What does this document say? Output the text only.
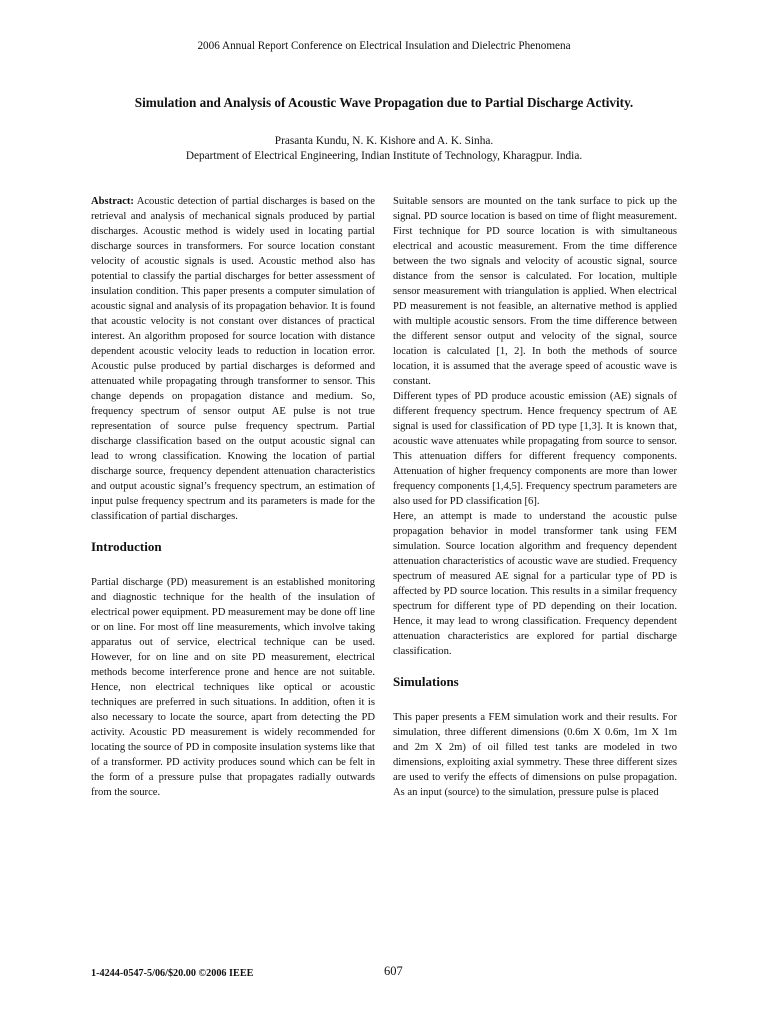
2006 Annual Report Conference on Electrical Insulation and Dielectric Phenomena
Simulation and Analysis of Acoustic Wave Propagation due to Partial Discharge Activity.
Prasanta Kundu, N. K. Kishore and A. K. Sinha.
Department of Electrical Engineering, Indian Institute of Technology, Kharagpur. India.

Abstract: Acoustic detection of partial discharges is based on the retrieval and analysis of mechanical signals produced by partial discharges. Acoustic method is widely used in locating partial discharge sources in transformers. For source location constant velocity of acoustic signals is used. Acoustic method also has potential to classify the partial discharges for better assessment of insulation condition. This paper presents a computer simulation of acoustic signal and analysis of its propagation behavior. It is found that acoustic velocity is not constant over distances of practical interest. An algorithm proposed for source location with distance dependent acoustic velocity leads to reduction in location error. Acoustic pulse produced by partial discharges is deformed and attenuated while propagating through transformer to sensor. This change depends on propagation distance and medium. So, frequency spectrum of sensor output AE pulse is not true representation of source pulse frequency spectrum. Partial discharge classification based on the output acoustic signal can lead to wrong classification. Knowing the location of partial discharge source, frequency dependent attenuation characteristics and output acoustic signal’s frequency spectrum, an estimation of input pulse frequency spectrum and its parameters is made for the classification of partial discharges.

Introduction

Partial discharge (PD) measurement is an established monitoring and diagnostic technique for the health of the insulation of electrical power equipment. PD measurement may be done off line or on line. For most off line measurements, which involve taking apparatus out of service, electrical technique can be used. However, for on line and on site PD measurement, electrical methods become interference prone and hence are not suitable. Hence, non electrical techniques like optical or acoustic techniques are preferred in such situations. In addition, often it is also necessary to locate the source, apart from detecting the PD activity. Acoustic PD measurement is widely recommended for locating the source of PD in composite insulation systems like that of a transformer. PD activity produces sound which can be felt in the form of a pressure pulse that propagates radially outwards from the source.

Suitable sensors are mounted on the tank surface to pick up the signal. PD source location is based on time of flight measurement. First technique for PD source location is with simultaneous electrical and acoustic measurement. From the time difference between the two signals and velocity of acoustic signal, source distance from the sensor is calculated. For location, multiple sensor measurement with triangulation is applied. When electrical PD measurement is not feasible, an alternative method is applied with multiple acoustic sensors. From the time difference between the different sensor output and velocity of the signal, source location is calculated [1, 2]. In both the methods of source location, it is assumed that the average speed of acoustic wave is constant.

Different types of PD produce acoustic emission (AE) signals of different frequency spectrum. Hence frequency spectrum of AE signal is used for classification of PD type [1,3]. It is known that, acoustic wave attenuates while propagating from source to sensor. This attenuation differs for different frequency components. Attenuation of higher frequency components are more than lower frequency components [1,4,5]. Frequency spectrum parameters are also used for PD classification [6].

Here, an attempt is made to understand the acoustic pulse propagation behavior in model transformer tank using FEM simulation. Source location algorithm and frequency dependent attenuation characteristics of acoustic wave are studied. Frequency spectrum of measured AE signal for a particular type of PD is affected by PD source location. This results in a similar frequency spectrum for different type of PD depending on their location. Hence, it may lead to wrong classification. Frequency dependent attenuation characteristics are explored for partial discharge classification.

Simulations

This paper presents a FEM simulation work and their results. For simulation, three different dimensions (0.6m X 0.6m, 1m X 1m and 2m X 2m) of oil filled test tanks are modeled in two dimensions, exploiting axial symmetry. These three different sizes are used to verify the effects of dimensions on pulse propagation. As an input (source) to the simulation, pressure pulse is placed

1-4244-0547-5/06/$20.00 ©2006 IEEE	607
